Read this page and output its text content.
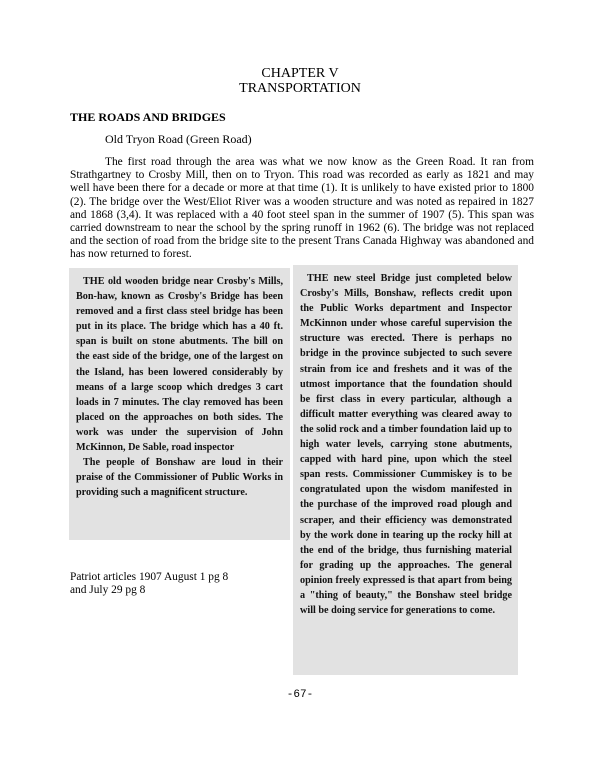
CHAPTER V
TRANSPORTATION
THE ROADS AND BRIDGES
Old Tryon Road (Green Road)

The first road through the area was what we now know as the Green Road. It ran from Strathgartney to Crosby Mill, then on to Tryon. This road was recorded as early as 1821 and may well have been there for a decade or more at that time (1). It is unlikely to have existed prior to 1800 (2). The bridge over the West/Eliot River was a wooden structure and was noted as repaired in 1827 and 1868 (3,4). It was replaced with a 40 foot steel span in the summer of 1907 (5). This span was carried downstream to near the school by the spring runoff in 1962 (6). The bridge was not replaced and the section of road from the bridge site to the present Trans Canada Highway was abandoned and has now returned to forest.

THE old wooden bridge near Crosby's Mills, Bon-haw, known as Crosby's Bridge has been removed and a first class steel bridge has been put in its place. The bridge which has a 40 ft. span is built on stone abutments. The bill on the east side of the bridge, one of the largest on the Island, has been lowered considerably by means of a large scoop which dredges 3 cart loads in 7 minutes. The clay removed has been placed on the approaches on both sides. The work was under the supervision of John McKinnon, De Sable, road inspector

The people of Bonshaw are loud in their praise of the Commissioner of Public Works in providing such a magnificent structure.

THE new steel Bridge just completed below Crosby's Mills, Bonshaw, reflects credit upon the Public Works department and Inspector McKinnon under whose careful supervision the structure was erected. There is perhaps no bridge in the province subjected to such severe strain from ice and freshets and it was of the utmost importance that the foundation should be first class in every particular, although a difficult matter everything was cleared away to the solid rock and a timber foundation laid up to high water levels, carrying stone abutments, capped with hard pine, upon which the steel span rests. Commissioner Cummiskey is to be congratulated upon the wisdom manifested in the purchase of the improved road plough and scraper, and their efficiency was demonstrated by the work done in tearing up the rocky hill at the end of the bridge, thus furnishing material for grading up the approaches. The general opinion freely expressed is that apart from being a "thing of beauty," the Bonshaw steel bridge will be doing service for generations to come.

Patriot articles 1907 August 1 pg 8
and July 29 pg 8
-67-
